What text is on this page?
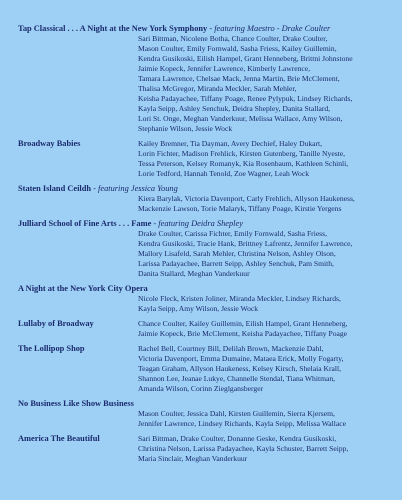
Tap Classical . . . A Night at the New York Symphony - featuring Maestro - Drake Coulter
Sari Bittman, Nicolene Botha, Chance Coulter, Drake Coulter,
Mason Coulter, Emily Fornwald, Sasha Friess, Kailey Guillemin,
Kendra Gusikoski, Eilish Hampel, Grant Henneberg, Brittni Johnstone
Jaimie Kopeck, Jennifer Lawrence, Kimberly Lawrence,
Tamara Lawrence, Chelsae Mack, Jenna Martin, Brie McClement,
Thalisa McGregor, Miranda Meckler, Sarah Mehler,
Keisha Padayachee, Tiffany Poage, Renee Pylypuk, Lindsey Richards,
Kayla Seipp, Ashley Senchuk, Deidra Shepley, Danita Stallard,
Lori St. Onge, Meghan Vanderkuur, Melissa Wallace, Amy Wilson,
Stephanie Wilson, Jessie Wock
Broadway Babies	Kailey Bremner, Tia Dayman, Avery Dechief, Haley Dukart,
Lorin Fichter, Madison Frehlick, Kirsten Gutenberg, Tanille Nyeste,
Tessa Peterson, Kelsey Romanyk, Kia Rosenbaum, Kathleen Schinli,
Lorie Tedford, Hannah Tenold, Zoe Wagner, Leah Wock
Staten Island Ceildh - featuring Jessica Young
Kiera Barylak, Victoria Davenport, Carly Frehlich, Allyson Haukeness,
Mackenzie Lawson, Torie Malaryk, Tiffany Poage, Kirstie Yergens
Julliard School of Fine Arts . . . Fame - featuring Deidra Shepley
Drake Coulter, Carissa Fichter, Emily Fornwald, Sasha Friess,
Kendra Gusikoski, Tracie Hank, Brittney Lafrentz, Jennifer Lawrence,
Mallory Lisafeld, Sarah Mehler, Christina Nelson, Ashley Olson,
Larissa Padayachee, Barrett Seipp, Ashley Senchuk, Pam Smith,
Danita Stallard, Meghan Vanderkuur
A Night at the New York City Opera
Nicole Fleck, Kristen Joliner, Miranda Meckler, Lindsey Richards,
Kayla Seipp, Amy Wilson, Jessie Wock
Lullaby of Broadway	Chance Coulter, Kailey Guillemin, Eilish Hampel, Grant Henneberg,
Jaimie Kopeck, Brie McClement, Keisha Padayachee, Tiffany Poage
The Lollipop Shop	Rachel Bell, Courtney Bill, Delilah Brown, Mackenzie Dahl,
Victoria Davenport, Emma Dumaine, Mataea Erick, Molly Fogarty,
Teagan Graham, Allyson Haukeness, Kelsey Kirsch, Shelaia Krall,
Shannon Lee, Jeanae Lukye, Channelle Stendal, Tiana Whitman,
Amanda Wilson, Corinn Zieglgansberger
No Business Like Show Business
Mason Coulter, Jessica Dahl, Kirsten Guillemin, Sierra Kjersem,
Jennifer Lawrence, Lindsey Richards, Kayla Seipp, Melissa Wallace
America The Beautiful	Sari Bittman, Drake Coulter, Donanne Geske, Kendra Gusikoski,
Christina Nelson, Larissa Padayachee, Kayla Schuster, Barrett Seipp,
Maria Sinclair, Meghan Vanderkuur
